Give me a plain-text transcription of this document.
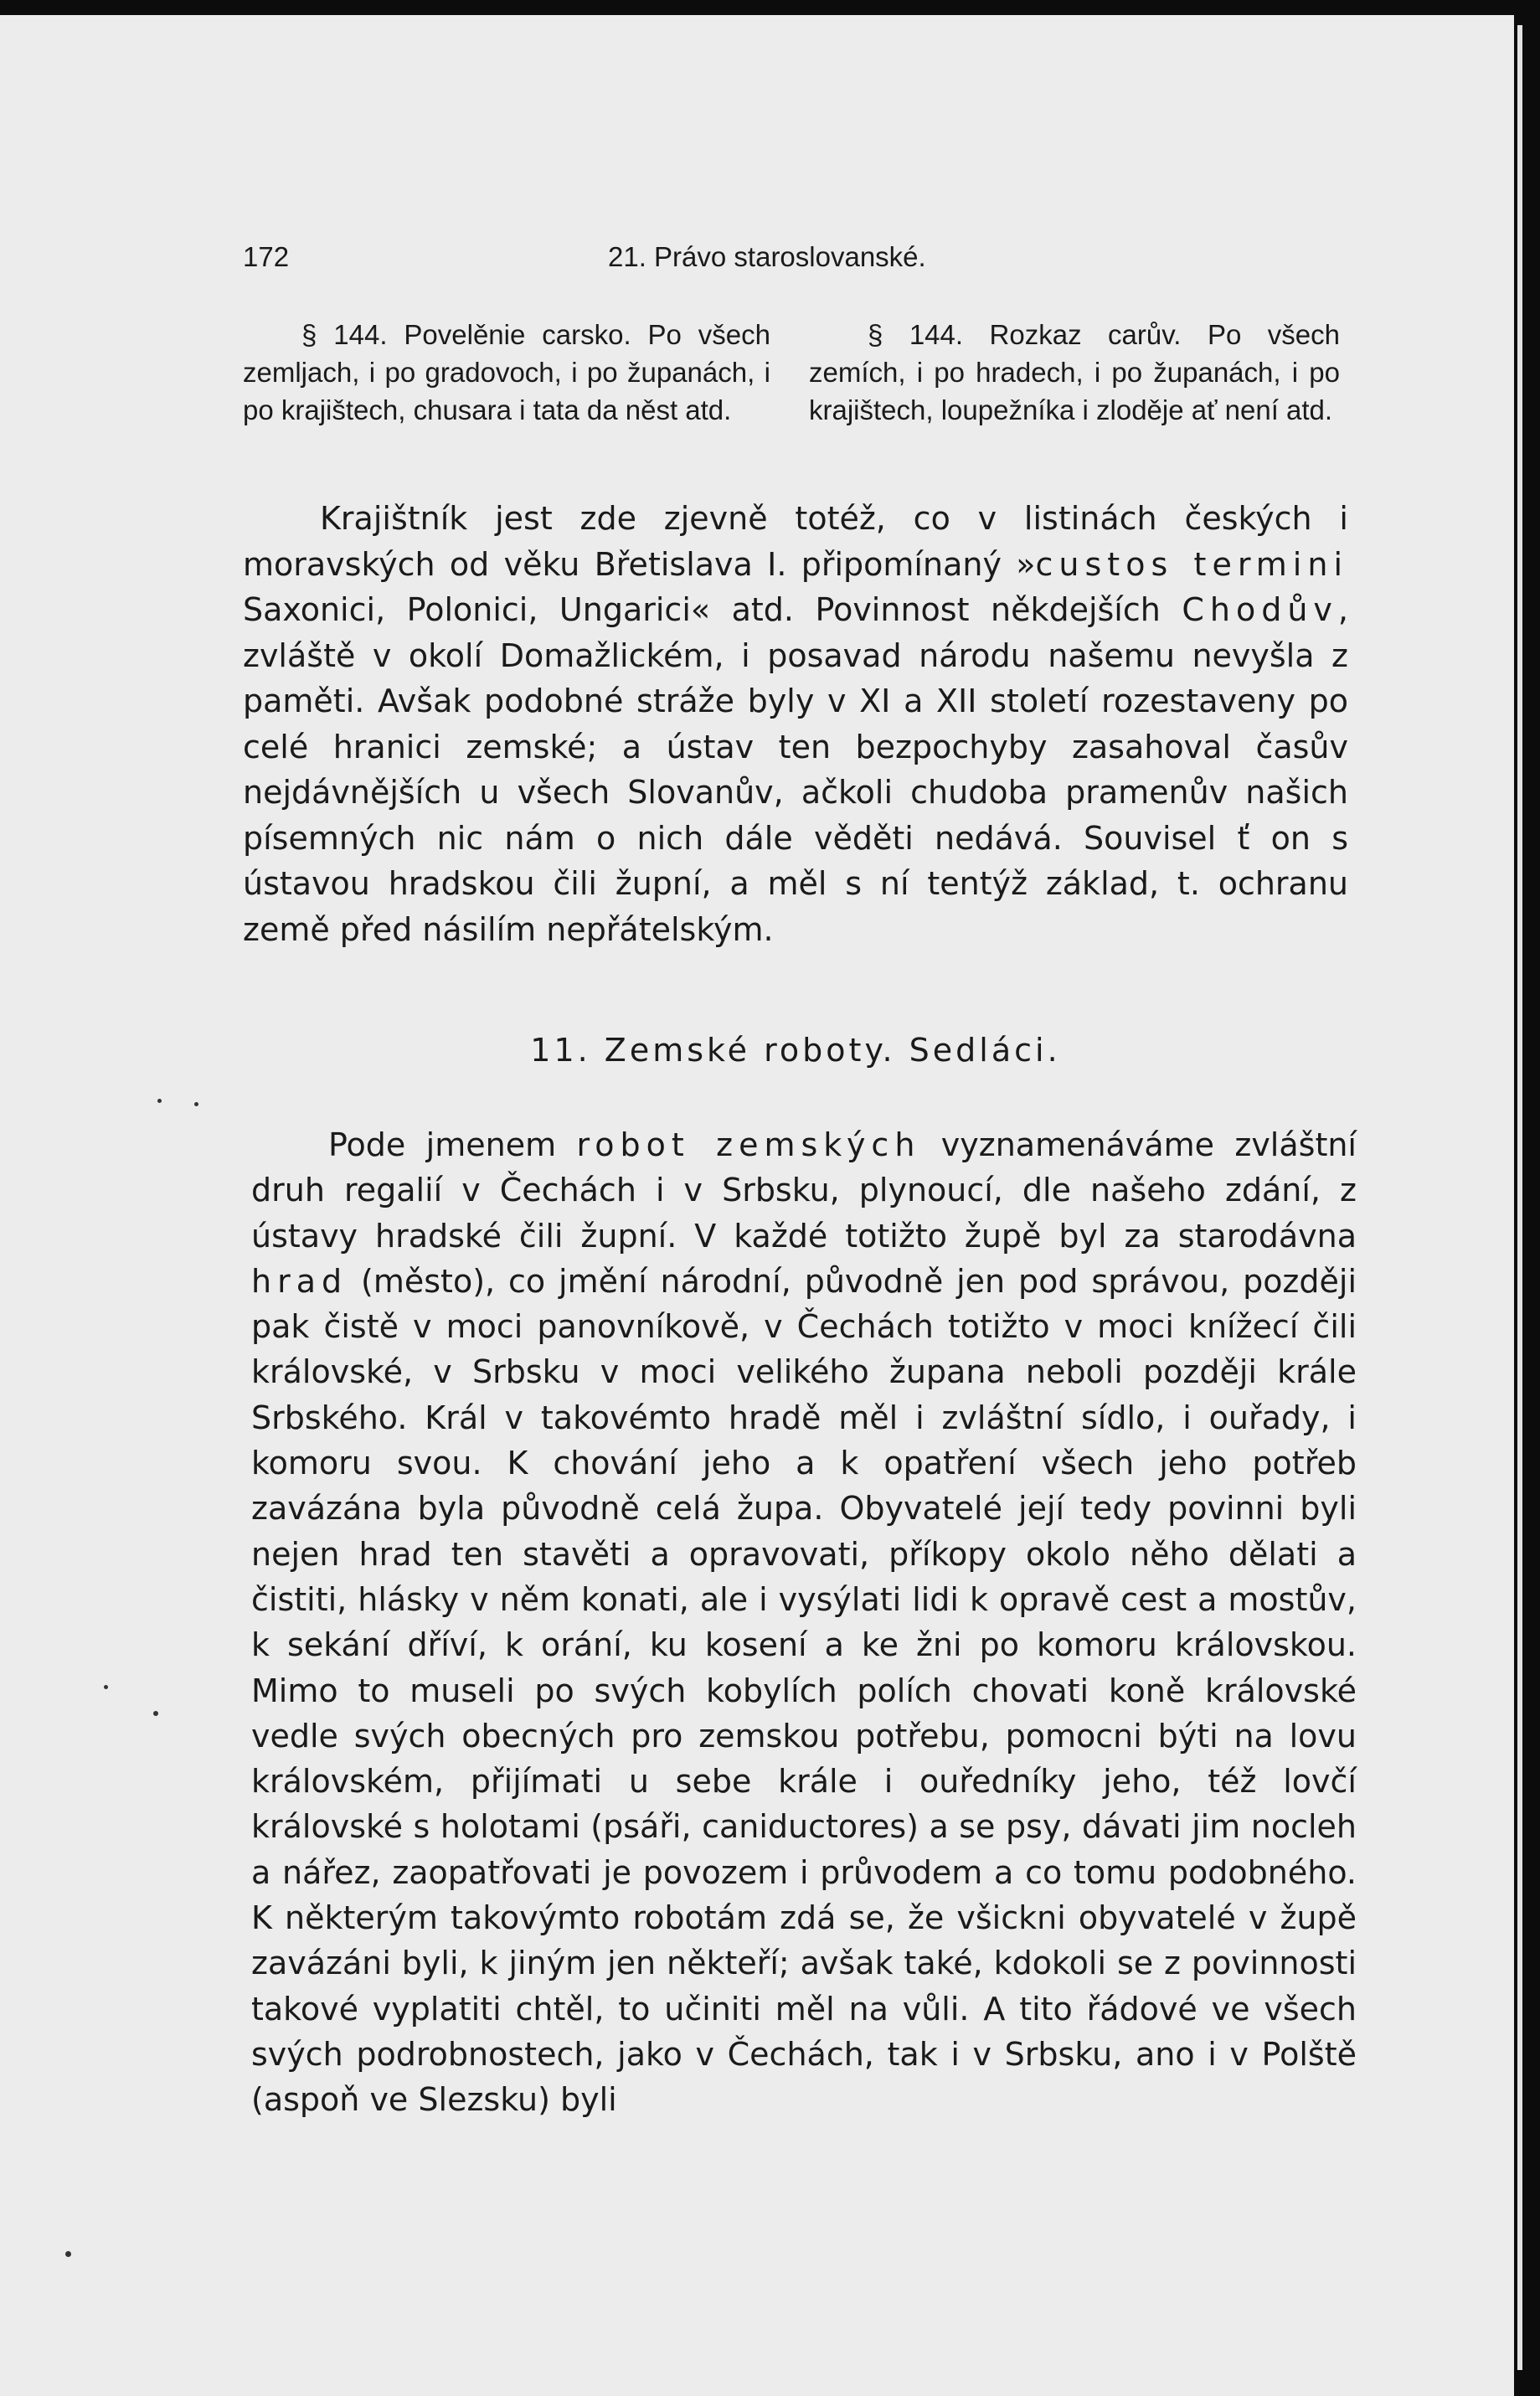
172	21. Právo staroslovanské.

§ 144. Povelěnie carsko. Po všech zemljach, i po gradovoch, i po županách, i po krajištech, chusara i tata da něst atd.

§ 144. Rozkaz carův. Po všech zemích, i po hradech, i po županách, i po krajištech, loupežníka i zloděje ať není atd.

Krajištník jest zde zjevně totéž, co v listinách českých i moravských od věku Břetislava I. připomínaný »custos termini Saxonici, Polonici, Ungarici« atd. Povinnost někdejších Chodův, zvláště v okolí Domažlickém, i posavad národu našemu nevyšla z paměti. Avšak podobné stráže byly v XI a XII století rozestaveny po celé hranici zemské; a ústav ten bezpochyby zasahoval časův nejdávnějších u všech Slovanův, ačkoli chudoba pramenův našich písemných nic nám o nich dále věděti nedává. Souvisel ť on s ústavou hradskou čili župní, a měl s ní tentýž základ, t. ochranu země před násilím nepřátelským.

11. Zemské roboty. Sedláci.

Pode jmenem robot zemských vyznamenáváme zvláštní druh regalií v Čechách i v Srbsku, plynoucí, dle našeho zdání, z ústavy hradské čili župní. V každé totižto župě byl za starodávna hrad (město), co jmění národní, původně jen pod správou, později pak čistě v moci panovníkově, v Čechách totižto v moci knížecí čili královské, v Srbsku v moci velikého župana neboli později krále Srbského. Král v takovémto hradě měl i zvláštní sídlo, i ouřady, i komoru svou. K chování jeho a k opatření všech jeho potřeb zavázána byla původně celá župa. Obyvatelé její tedy povinni byli nejen hrad ten stavěti a opravovati, příkopy okolo něho dělati a čistiti, hlásky v něm konati, ale i vysýlati lidi k opravě cest a mostův, k sekání dříví, k orání, ku kosení a ke žni po komoru královskou. Mimo to museli po svých kobylích polích chovati koně královské vedle svých obecných pro zemskou potřebu, pomocni býti na lovu královském, přijímati u sebe krále i ouředníky jeho, též lovčí královské s holotami (psáři, caniductores) a se psy, dávati jim nocleh a nářez, zaopatřovati je povozem i průvodem a co tomu podobného. K některým takovýmto robotám zdá se, že všickni obyvatelé v župě zavázáni byli, k jiným jen někteří; avšak také, kdokoli se z povinnosti takové vyplatiti chtěl, to učiniti měl na vůli. A tito řádové ve všech svých podrobnostech, jako v Čechách, tak i v Srbsku, ano i v Polště (aspoň ve Slezsku) byli
